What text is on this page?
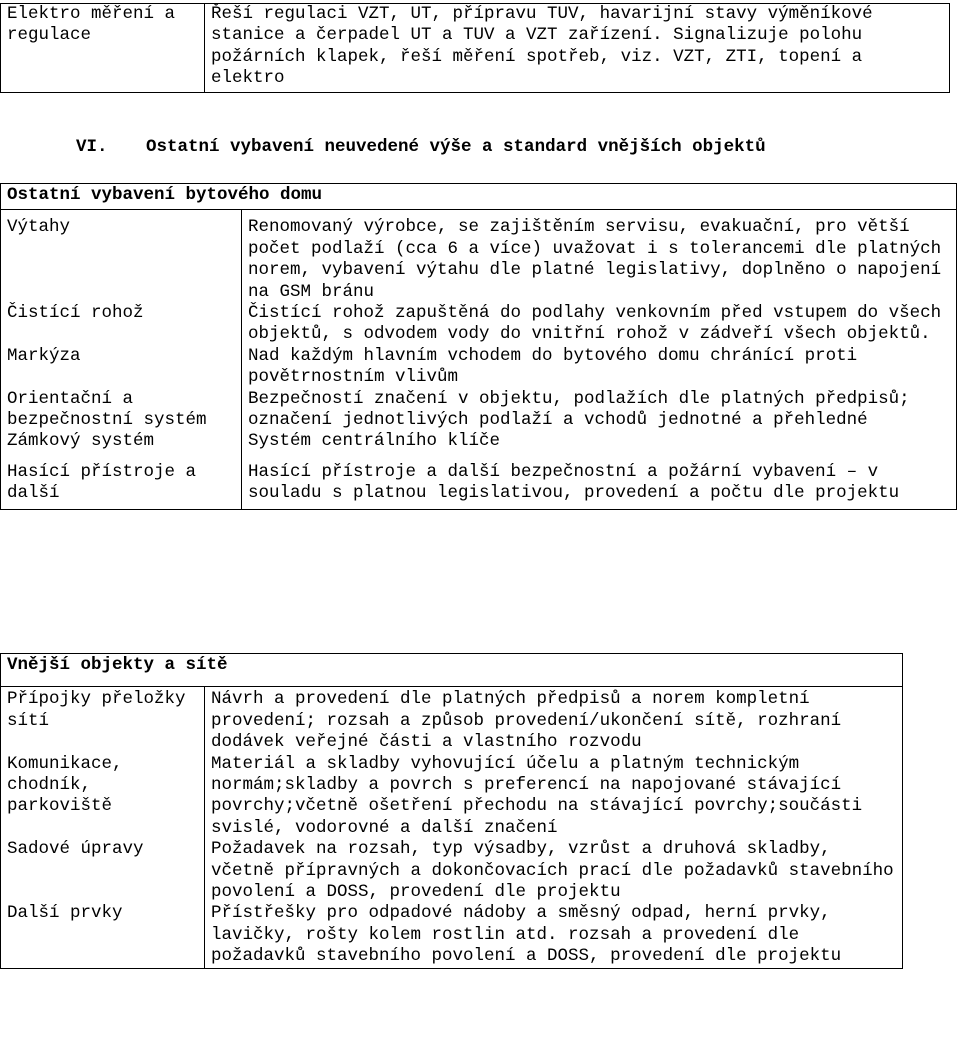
Elektro měření a regulace	Řeší regulaci VZT, UT, přípravu TUV, havarijní stavy výměníkové stanice a čerpadel UT a TUV a VZT zařízení. Signalizuje polohu požárních klapek, řeší měření spotřeb, viz. VZT, ZTI, topení a elektro
VI. Ostatní vybavení neuvedené výše a standard vnějších objektů
Ostatní vybavení bytového domu	
Výtahy	Renomovaný výrobce, se zajištěním servisu, evakuační, pro větší počet podlaží (cca 6 a více) uvažovat i s tolerancemi dle platných norem, vybavení výtahu dle platné legislativy, doplněno o napojení na GSM bránu
Čistící rohož	Čistící rohož zapuštěná do podlahy venkovním před vstupem do všech objektů, s odvodem vody do vnitřní rohož v zádveří všech objektů.
Markýza	Nad každým hlavním vchodem do bytového domu chránící proti povětrnostním vlivům
Orientační a bezpečnostní systém	Bezpečností značení v objektu, podlažích dle platných předpisů; označení jednotlivých podlaží a vchodů jednotné a přehledné
Zámkový systém	Systém centrálního klíče
Hasící přístroje a další	Hasící přístroje a další bezpečnostní a požární vybavení – v souladu s platnou legislativou, provedení a počtu dle projektu
Vnější objekty a sítě	
Přípojky přeložky sítí	Návrh a provedení dle platných předpisů a norem kompletní provedení; rozsah a způsob provedení/ukončení sítě, rozhraní dodávek veřejné části a vlastního rozvodu
Komunikace, chodník, parkoviště	Materiál a skladby vyhovující účelu a platným technickým normám;skladby a povrch s preferencí na napojované stávající povrchy;včetně ošetření přechodu na stávající povrchy;součásti svislé, vodorovné a další značení
Sadové úpravy	Požadavek na rozsah, typ výsadby, vzrůst a druhová skladby, včetně přípravných a dokončovacích prací dle požadavků stavebního povolení a DOSS, provedení dle projektu
Další prvky	Přístřešky pro odpadové nádoby a směsný odpad, herní prvky, lavičky, rošty kolem rostlin atd. rozsah a provedení dle požadavků stavebního povolení a DOSS, provedení dle projektu
